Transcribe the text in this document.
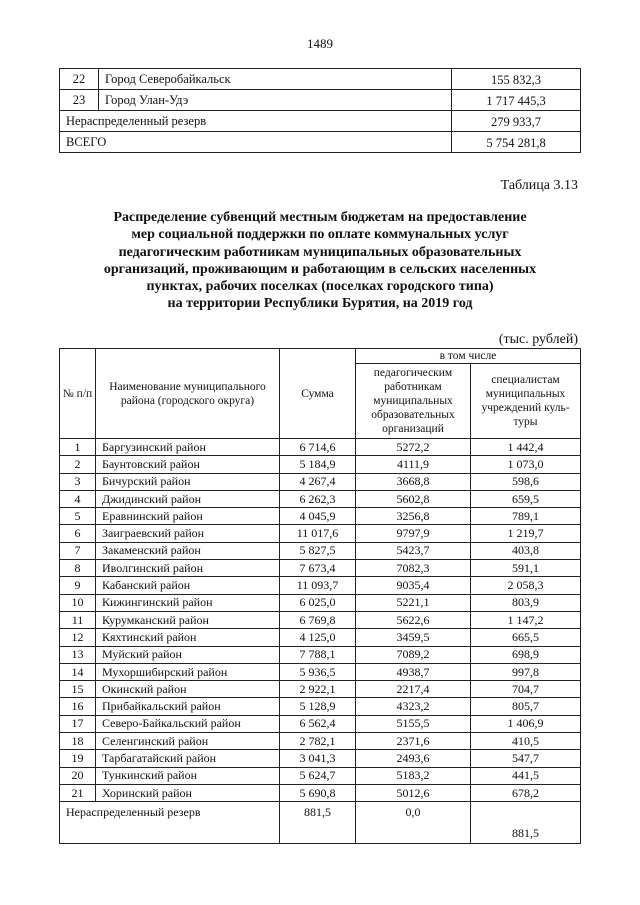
1489
22	Город Северобайкальск	155 832,3
23	Город Улан-Удэ	1 717 445,3
Нераспределенный резерв		279 933,7
ВСЕГО		5 754 281,8
Таблица 3.13
Распределение субвенций местным бюджетам на предоставление
мер социальной поддержки по оплате коммунальных услуг
педагогическим работникам муниципальных образовательных
организаций, проживающим и работающим в сельских населенных
пунктах, рабочих поселках (поселках городского типа)
на территории Республики Бурятия, на 2019 год
(тыс. рублей)
№ п/п	Наименование муниципального района (городского округа)	Сумма	в том числе	
			педагогическим работникам муниципальных образовательных организаций	специалистам муниципальных учреждений куль-туры
1	Баргузинский район	6 714,6	5272,2	1 442,4
2	Баунтовский район	5 184,9	4111,9	1 073,0
3	Бичурский район	4 267,4	3668,8	598,6
4	Джидинский район	6 262,3	5602,8	659,5
5	Еравнинский район	4 045,9	3256,8	789,1
6	Заиграевский район	11 017,6	9797,9	1 219,7
7	Закаменский район	5 827,5	5423,7	403,8
8	Иволгинский район	7 673,4	7082,3	591,1
9	Кабанский район	11 093,7	9035,4	2 058,3
10	Кижингинский район	6 025,0	5221,1	803,9
11	Курумканский район	6 769,8	5622,6	1 147,2
12	Кяхтинский район	4 125,0	3459,5	665,5
13	Муйский район	7 788,1	7089,2	698,9
14	Мухоршибирский район	5 936,5	4938,7	997,8
15	Окинский район	2 922,1	2217,4	704,7
16	Прибайкальский район	5 128,9	4323,2	805,7
17	Северо-Байкальский район	6 562,4	5155,5	1 406,9
18	Селенгинский район	2 782,1	2371,6	410,5
19	Тарбагатайский район	3 041,3	2493,6	547,7
20	Тункинский район	5 624,7	5183,2	441,5
21	Хоринский район	5 690,8	5012,6	678,2
Нераспределенный резерв		881,5	0,0	881,5
